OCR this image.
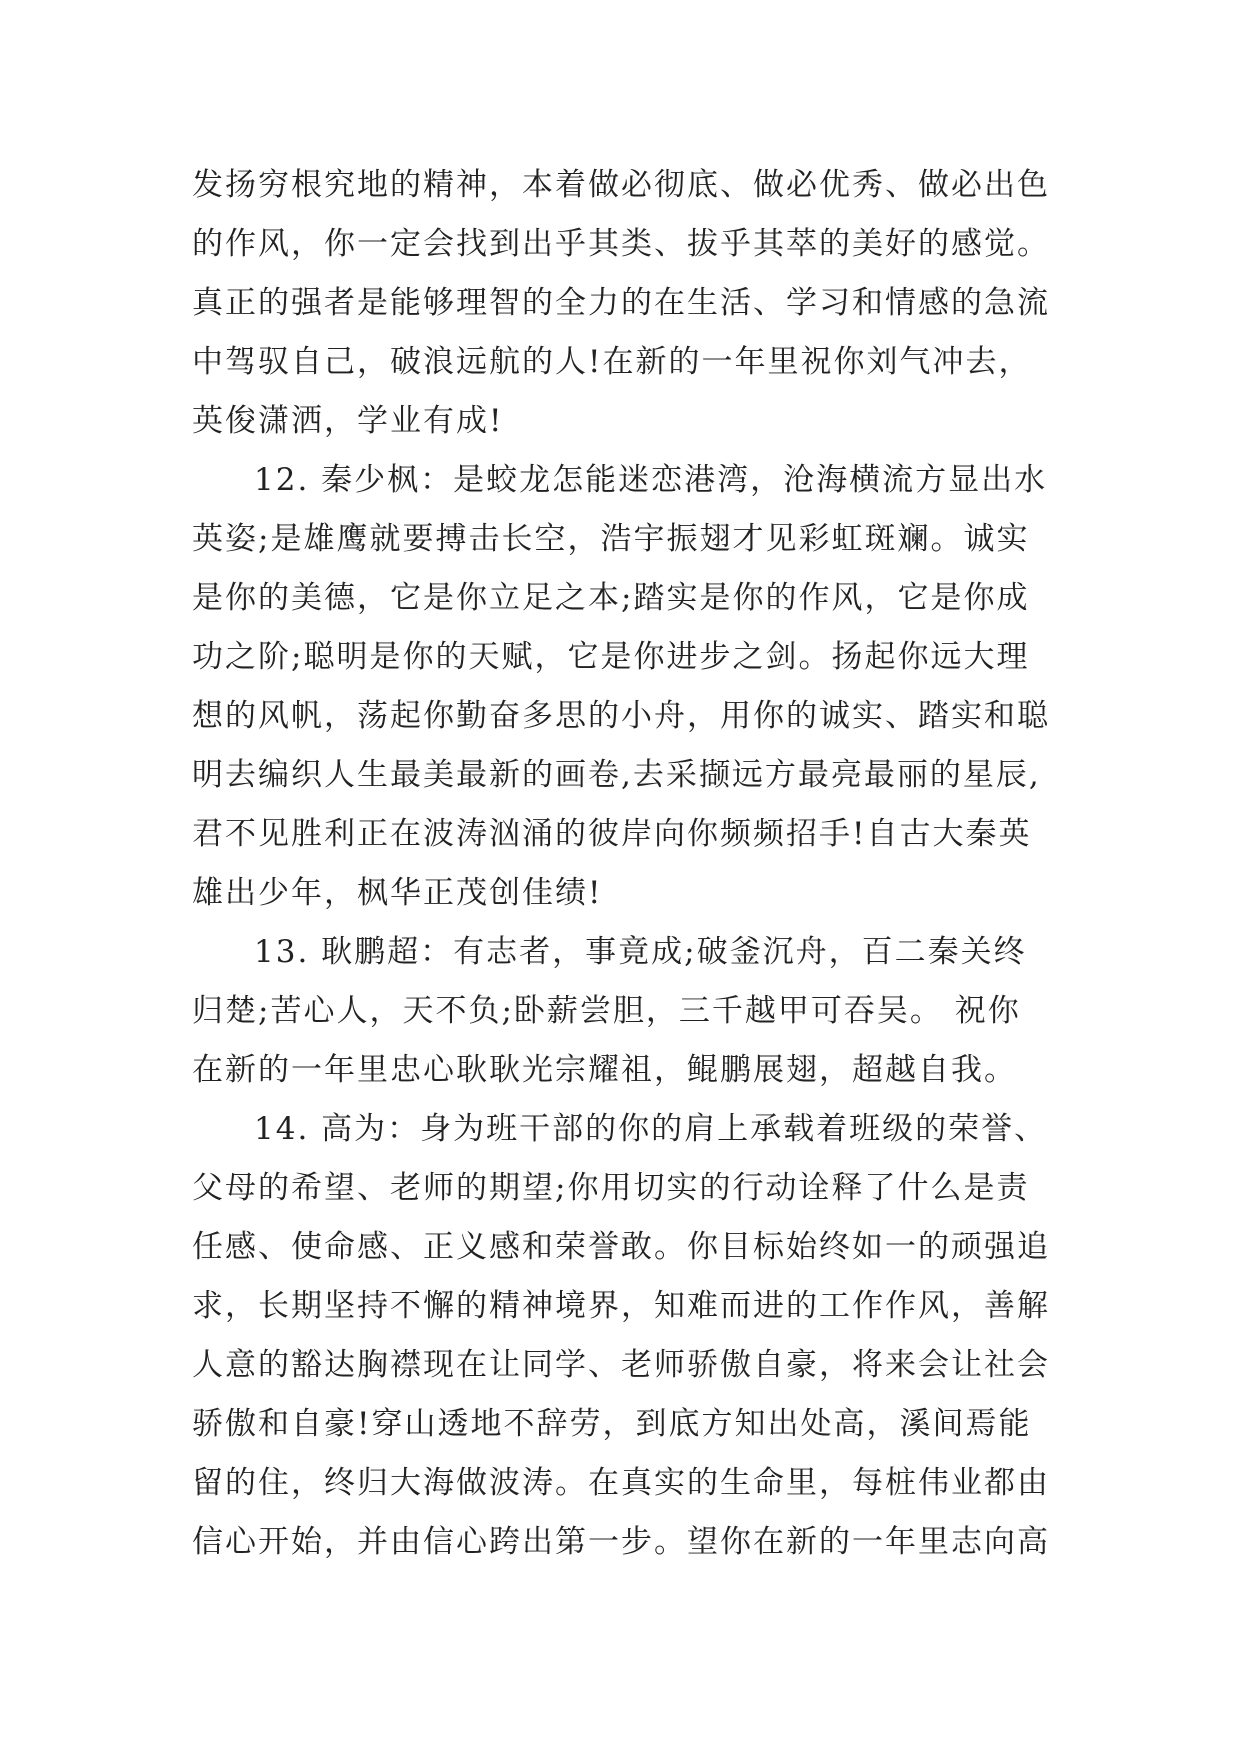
发扬穷根究地的精神，本着做必彻底、做必优秀、做必出色
的作风，你一定会找到出乎其类、拔乎其萃的美好的感觉。
真正的强者是能够理智的全力的在生活、学习和情感的急流
中驾驭自己，破浪远航的人!在新的一年里祝你刘气冲去，
英俊潇洒，学业有成!
12. 秦少枫：是蛟龙怎能迷恋港湾，沧海横流方显出水
英姿;是雄鹰就要搏击长空，浩宇振翅才见彩虹斑斓。诚实
是你的美德，它是你立足之本;踏实是你的作风，它是你成
功之阶;聪明是你的天赋，它是你进步之剑。扬起你远大理
想的风帆，荡起你勤奋多思的小舟，用你的诚实、踏实和聪
明去编织人生最美最新的画卷,去采撷远方最亮最丽的星辰,
君不见胜利正在波涛汹涌的彼岸向你频频招手!自古大秦英
雄出少年，枫华正茂创佳绩!
13. 耿鹏超：有志者，事竟成;破釜沉舟，百二秦关终
归楚;苦心人，天不负;卧薪尝胆，三千越甲可吞吴。 祝你
在新的一年里忠心耿耿光宗耀祖，鲲鹏展翅，超越自我。
14. 高为：身为班干部的你的肩上承载着班级的荣誉、
父母的希望、老师的期望;你用切实的行动诠释了什么是责
任感、使命感、正义感和荣誉敢。你目标始终如一的顽强追
求，长期坚持不懈的精神境界，知难而进的工作作风，善解
人意的豁达胸襟现在让同学、老师骄傲自豪，将来会让社会
骄傲和自豪!穿山透地不辞劳，到底方知出处高，溪间焉能
留的住，终归大海做波涛。在真实的生命里，每桩伟业都由
信心开始，并由信心跨出第一步。望你在新的一年里志向高
